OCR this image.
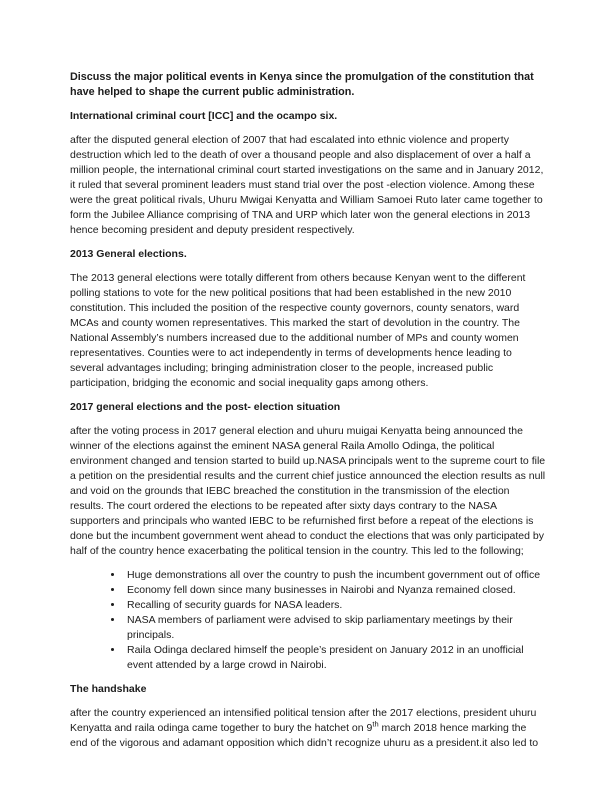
Discuss the major political events in Kenya since the promulgation of the constitution that have helped to shape the current public administration.

International criminal court [ICC] and the ocampo six.

after the disputed general election of 2007 that had escalated into ethnic violence and property destruction which led to the death of over a thousand people and also displacement of over a half a million people, the international criminal court started investigations on the same and in January 2012, it ruled that several prominent leaders must stand trial over the post -election violence. Among these were the great political rivals, Uhuru Mwigai Kenyatta and William Samoei Ruto later came together to form the Jubilee Alliance comprising of TNA and URP which later won the general elections in 2013 hence becoming president and deputy president respectively.

2013 General elections.

The 2013 general elections were totally different from others because Kenyan went to the different polling stations to vote for the new political positions that had been established in the new 2010 constitution. This included the position of the respective county governors, county senators, ward MCAs and county women representatives. This marked the start of devolution in the country. The National Assembly’s numbers increased due to the additional number of MPs and county women representatives. Counties were to act independently in terms of developments hence leading to several advantages including; bringing administration closer to the people, increased public participation, bridging the economic and social inequality gaps among others.

2017 general elections and the post- election situation

after the voting process in 2017 general election and uhuru muigai Kenyatta being announced the winner of the elections against the eminent NASA general Raila Amollo Odinga, the political environment changed and tension started to build up.NASA principals went to the supreme court to file a petition on the presidential results and the current chief justice announced the election results as null and void on the grounds that IEBC breached the constitution in the transmission of the election results. The court ordered the elections to be repeated after sixty days contrary to the NASA supporters and principals who wanted IEBC to be refurnished first before a repeat of the elections is done but the incumbent government went ahead to conduct the elections that was only participated by half of the country hence exacerbating the political tension in the country. This led to the following;

• Huge demonstrations all over the country to push the incumbent government out of office
• Economy fell down since many businesses in Nairobi and Nyanza remained closed.
• Recalling of security guards for NASA leaders.
• NASA members of parliament were advised to skip parliamentary meetings by their principals.
• Raila Odinga declared himself the people’s president on January 2012 in an unofficial event attended by a large crowd in Nairobi.

The handshake

after the country experienced an intensified political tension after the 2017 elections, president uhuru Kenyatta and raila odinga came together to bury the hatchet on 9th march 2018 hence marking the end of the vigorous and adamant opposition which didn’t recognize uhuru as a president.it also led to
